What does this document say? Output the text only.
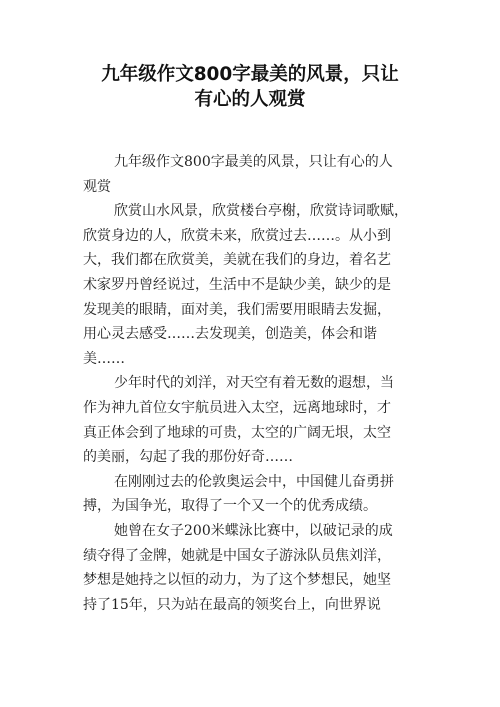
九年级作文800字最美的风景，只让
有心的人观赏
九年级作文800字最美的风景，只让有心的人
观赏
欣赏山水风景，欣赏楼台亭榭，欣赏诗词歌赋，
欣赏身边的人，欣赏未来，欣赏过去……。从小到
大，我们都在欣赏美，美就在我们的身边，着名艺
术家罗丹曾经说过，生活中不是缺少美，缺少的是
发现美的眼睛，面对美，我们需要用眼睛去发掘，
用心灵去感受……去发现美，创造美，体会和谐
美……
少年时代的刘洋，对天空有着无数的遐想，当
作为神九首位女宇航员进入太空，远离地球时，才
真正体会到了地球的可贵，太空的广阔无垠，太空
的美丽，勾起了我的那份好奇……
在刚刚过去的伦敦奥运会中，中国健儿奋勇拼
搏，为国争光，取得了一个又一个的优秀成绩。
她曾在女子200米蝶泳比赛中，以破记录的成
绩夺得了金牌，她就是中国女子游泳队员焦刘洋，
梦想是她持之以恒的动力，为了这个梦想民，她坚
持了15年，只为站在最高的领奖台上，向世界说
